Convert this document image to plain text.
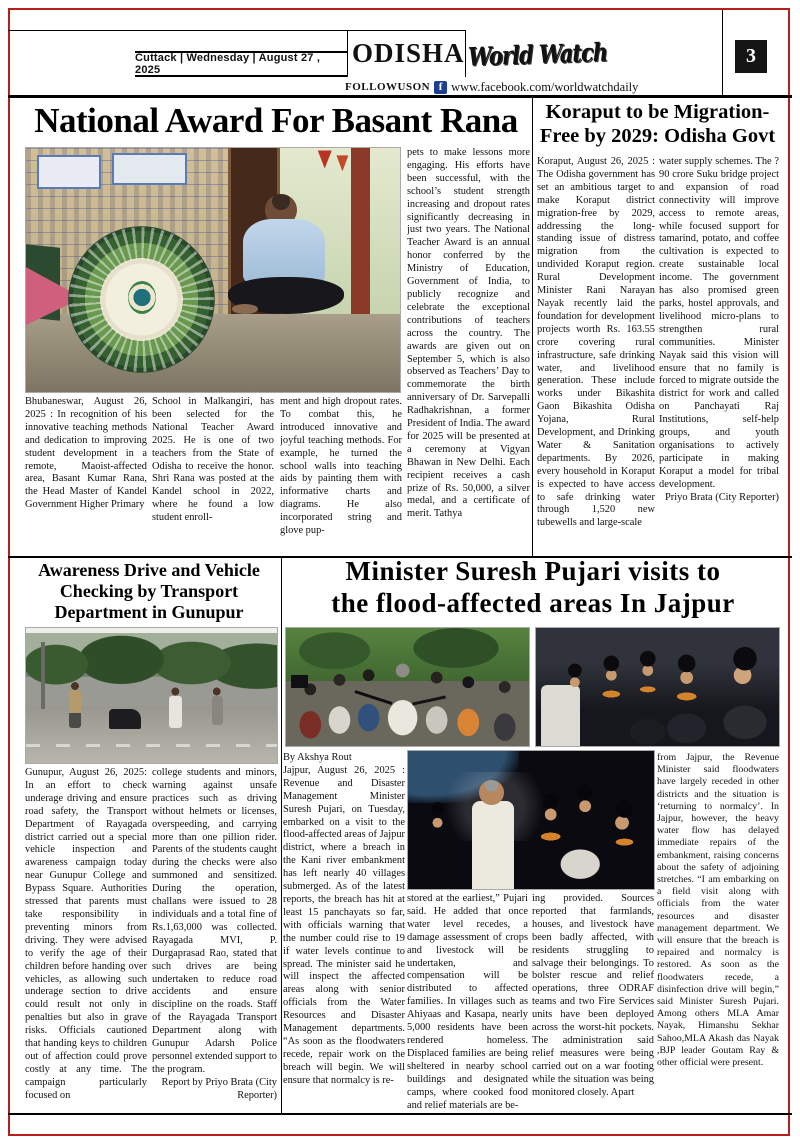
Cuttack | Wednesday | August 27 , 2025
ODISHA World Watch	3
FOLLOWUSON f www.facebook.com/worldwatchdaily
National Award For Basant Rana
Bhubaneswar, August 26, 2025 : In recognition of his innovative teaching methods and dedication to improving student development in a remote, Maoist-affected area, Basant Kumar Rana, the Head Master of Kandel Government Higher Primary
School in Malkangiri, has been selected for the National Teacher Award 2025. He is one of two teachers from the State of Odisha to receive the honor. Shri Rana was posted at the Kandel school in 2022, where he found a low student enroll-
ment and high dropout rates. To combat this, he introduced innovative and joyful teaching methods. For example, he turned the school walls into teaching aids by painting them with informative charts and diagrams. He also incorporated string and glove pup-
pets to make lessons more engaging. His efforts have been successful, with the school’s student strength increasing and dropout rates significantly decreasing in just two years. The National Teacher Award is an annual honor conferred by the Ministry of Education, Government of India, to publicly recognize and celebrate the exceptional contributions of teachers across the country. The awards are given out on September 5, which is also observed as Teachers’ Day to commemorate the birth anniversary of Dr. Sarvepalli Radhakrishnan, a former President of India. The award for 2025 will be presented at a ceremony at Vigyan Bhawan in New Delhi. Each recipient receives a cash prize of Rs. 50,000, a silver medal, and a certificate of merit. Tathya
Koraput to be Migration-
Free by 2029: Odisha Govt
Koraput, August 26, 2025 : The Odisha government has set an ambitious target to make Koraput district migration-free by 2029, addressing the long-standing issue of distress migration from the undivided Koraput region. Rural Development Minister Rani Narayan Nayak recently laid the foundation for development projects worth Rs. 163.55 crore covering rural infrastructure, safe drinking water, and livelihood generation. These include works under Bikashita Gaon Bikashita Odisha Yojana, Rural Development, and Drinking Water & Sanitation departments. By 2026, every household in Koraput is expected to have access to safe drinking water through 1,520 new tubewells and large-scale
water supply schemes. The ?90 crore Suku bridge project and expansion of road connectivity will improve access to remote areas, while focused support for tamarind, potato, and coffee cultivation is expected to create sustainable local income. The government has also promised green parks, hostel approvals, and livelihood micro-plans to strengthen rural communities. Minister Nayak said this vision will ensure that no family is forced to migrate outside the district for work and called on Panchayati Raj Institutions, self-help groups, and youth organisations to actively participate in making Koraput a model for tribal development.
Priyo Brata (City Reporter)
Awareness Drive and Vehicle
Checking by Transport
Department in Gunupur
Gunupur, August 26, 2025: In an effort to check underage driving and ensure road safety, the Transport Department of Rayagada district carried out a special vehicle inspection and awareness campaign today near Gunupur College and Bypass Square. Authorities stressed that parents must take responsibility in preventing minors from driving. They were advised to verify the age of their children before handing over vehicles, as allowing such underage section to drive could result not only in penalties but also in grave risks. Officials cautioned that handing keys to children out of affection could prove costly at any time. The campaign particularly focused on
college students and minors, warning against unsafe practices such as driving without helmets or licenses, overspeeding, and carrying more than one pillion rider. Parents of the students caught during the checks were also summoned and sensitized. During the operation, challans were issued to 28 individuals and a total fine of Rs.1,63,000 was collected. Rayagada MVI, P. Durgaprasad Rao, stated that such drives are being undertaken to reduce road accidents and ensure discipline on the roads. Staff of the Rayagada Transport Department along with Gunupur Adarsh Police personnel extended support to the program.
Report by Priyo Brata (City Reporter)
Minister Suresh Pujari visits to
the flood-affected areas In Jajpur
By Akshya Rout
Jajpur, August 26, 2025 : Revenue and Disaster Management Minister Suresh Pujari, on Tuesday, embarked on a visit to the flood-affected areas of Jajpur district, where a breach in the Kani river embankment has left nearly 40 villages submerged. As of the latest reports, the breach has hit at least 15 panchayats so far, with officials warning that the number could rise to 19 if water levels continue to spread. The minister said he will inspect the affected areas along with senior officials from the Water Resources and Disaster Management departments. “As soon as the floodwaters recede, repair work on the breach will begin. We will ensure that normalcy is re-
stored at the earliest,” Pujari said. He added that once water level recedes, a damage assessment of crops and livestock will be undertaken, and compensation will be distributed to affected families. In villages such as Ahiyaas and Kasapa, nearly 5,000 residents have been rendered homeless. Displaced families are being sheltered in nearby school buildings and designated camps, where cooked food and relief materials are be-
ing provided. Sources reported that farmlands, houses, and livestock have been badly affected, with residents struggling to salvage their belongings. To bolster rescue and relief operations, three ODRAF teams and two Fire Services units have been deployed across the worst-hit pockets. The administration said relief measures were being carried out on a war footing while the situation was being monitored closely. Apart
from Jajpur, the Revenue Minister said floodwaters have largely receded in other districts and the situation is ‘returning to normalcy’. In Jajpur, however, the heavy water flow has delayed immediate repairs of the embankment, raising concerns about the safety of adjoining stretches. “I am embarking on a field visit along with officials from the water resources and disaster management department. We will ensure that the breach is repaired and normalcy is restored. As soon as the floodwaters recede, a disinfection drive will begin,” said Minister Suresh Pujari. Among others MLA Amar Nayak, Himanshu Sekhar Sahoo,MLA Akash das Nayak ,BJP leader Goutam Ray & other official were present.
